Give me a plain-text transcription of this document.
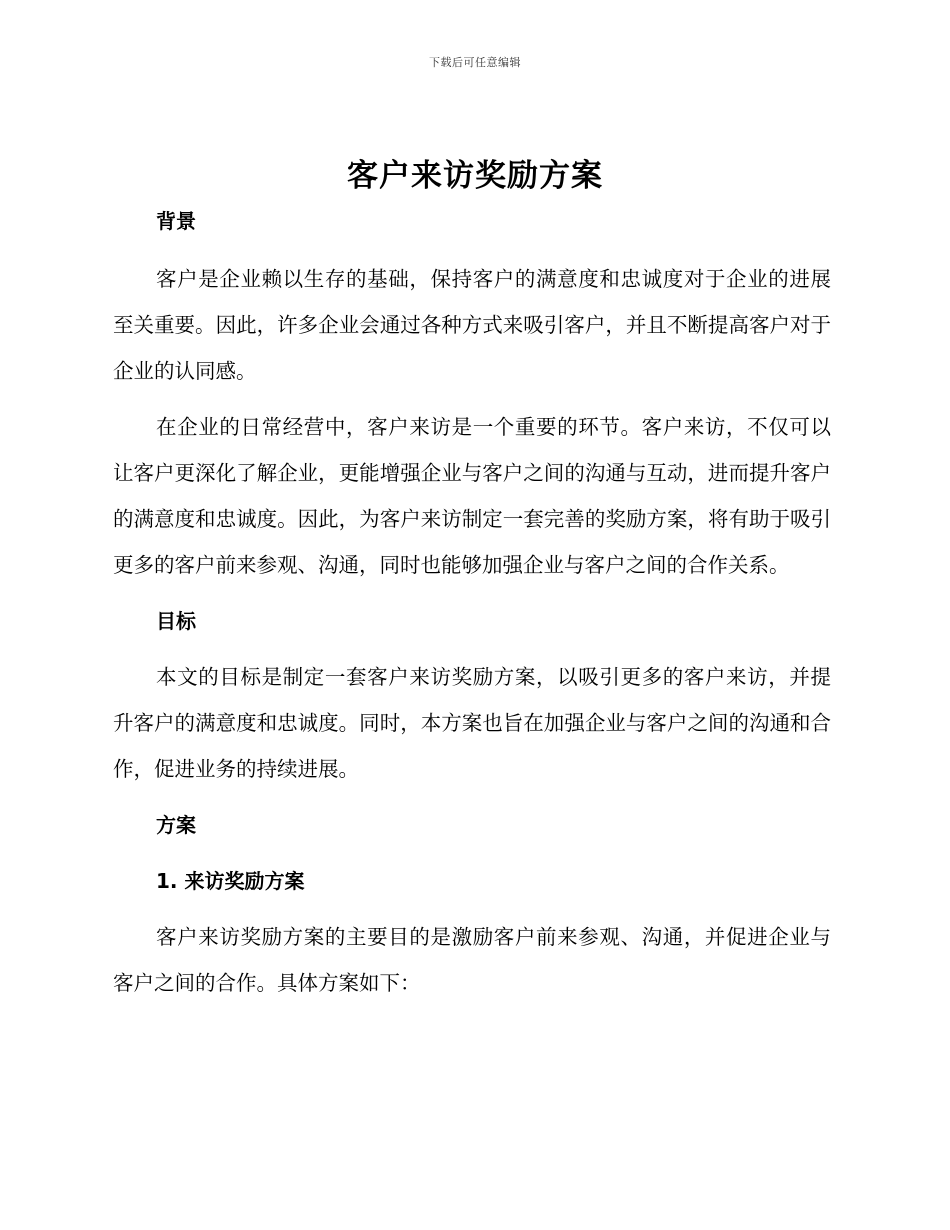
下载后可任意编辑
客户来访奖励方案
背景

客户是企业赖以生存的基础，保持客户的满意度和忠诚度对于企业的进展至关重要。因此，许多企业会通过各种方式来吸引客户，并且不断提高客户对于企业的认同感。

在企业的日常经营中，客户来访是一个重要的环节。客户来访，不仅可以让客户更深化了解企业，更能增强企业与客户之间的沟通与互动，进而提升客户的满意度和忠诚度。因此，为客户来访制定一套完善的奖励方案，将有助于吸引更多的客户前来参观、沟通，同时也能够加强企业与客户之间的合作关系。

目标

本文的目标是制定一套客户来访奖励方案，以吸引更多的客户来访，并提升客户的满意度和忠诚度。同时，本方案也旨在加强企业与客户之间的沟通和合作，促进业务的持续进展。

方案
1. 来访奖励方案

客户来访奖励方案的主要目的是激励客户前来参观、沟通，并促进企业与客户之间的合作。具体方案如下：
